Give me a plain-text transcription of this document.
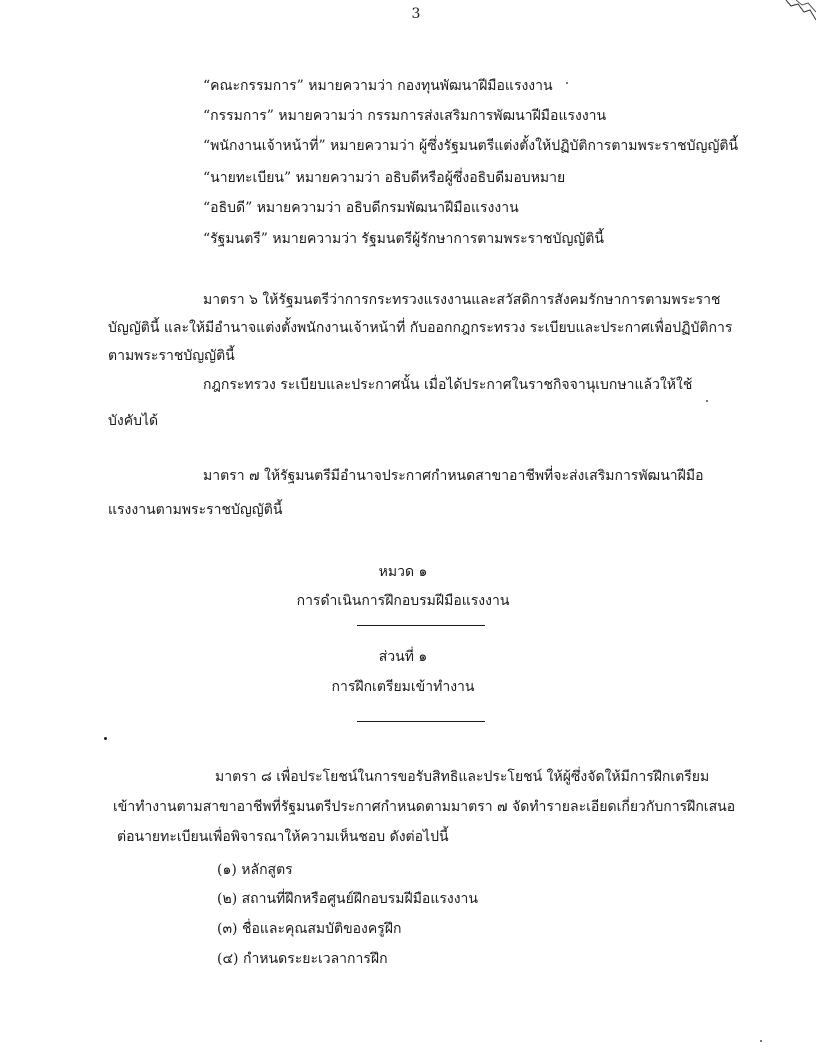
3
“คณะกรรมการ” หมายความว่า กองทุนพัฒนาฝีมือแรงงาน
“กรรมการ” หมายความว่า กรรมการส่งเสริมการพัฒนาฝีมือแรงงาน
“พนักงานเจ้าหน้าที่” หมายความว่า ผู้ซึ่งรัฐมนตรีแต่งตั้งให้ปฏิบัติการตามพระราชบัญญัตินี้
“นายทะเบียน” หมายความว่า อธิบดีหรือผู้ซึ่งอธิบดีมอบหมาย
“อธิบดี” หมายความว่า อธิบดีกรมพัฒนาฝีมือแรงงาน
“รัฐมนตรี” หมายความว่า รัฐมนตรีผู้รักษาการตามพระราชบัญญัตินี้
มาตรา ๖ ให้รัฐมนตรีว่าการกระทรวงแรงงานและสวัสดิการสังคมรักษาการตามพระราช
บัญญัตินี้ และให้มีอำนาจแต่งตั้งพนักงานเจ้าหน้าที่ กับออกกฎกระทรวง ระเบียบและประกาศเพื่อปฏิบัติการ
ตามพระราชบัญญัตินี้
กฎกระทรวง ระเบียบและประกาศนั้น เมื่อได้ประกาศในราชกิจจานุเบกษาแล้วให้ใช้
บังคับได้
มาตรา ๗ ให้รัฐมนตรีมีอำนาจประกาศกำหนดสาขาอาชีพที่จะส่งเสริมการพัฒนาฝีมือ
แรงงานตามพระราชบัญญัตินี้
หมวด ๑
การดำเนินการฝึกอบรมฝีมือแรงงาน
ส่วนที่ ๑
การฝึกเตรียมเข้าทำงาน
มาตรา ๘ เพื่อประโยชน์ในการขอรับสิทธิและประโยชน์ ให้ผู้ซึ่งจัดให้มีการฝึกเตรียม
เข้าทำงานตามสาขาอาชีพที่รัฐมนตรีประกาศกำหนดตามมาตรา ๗ จัดทำรายละเอียดเกี่ยวกับการฝึกเสนอ
ต่อนายทะเบียนเพื่อพิจารณาให้ความเห็นชอบ ดังต่อไปนี้
(๑) หลักสูตร
(๒) สถานที่ฝึกหรือศูนย์ฝึกอบรมฝีมือแรงงาน
(๓) ชื่อและคุณสมบัติของครูฝึก
(๔) กำหนดระยะเวลาการฝึก
